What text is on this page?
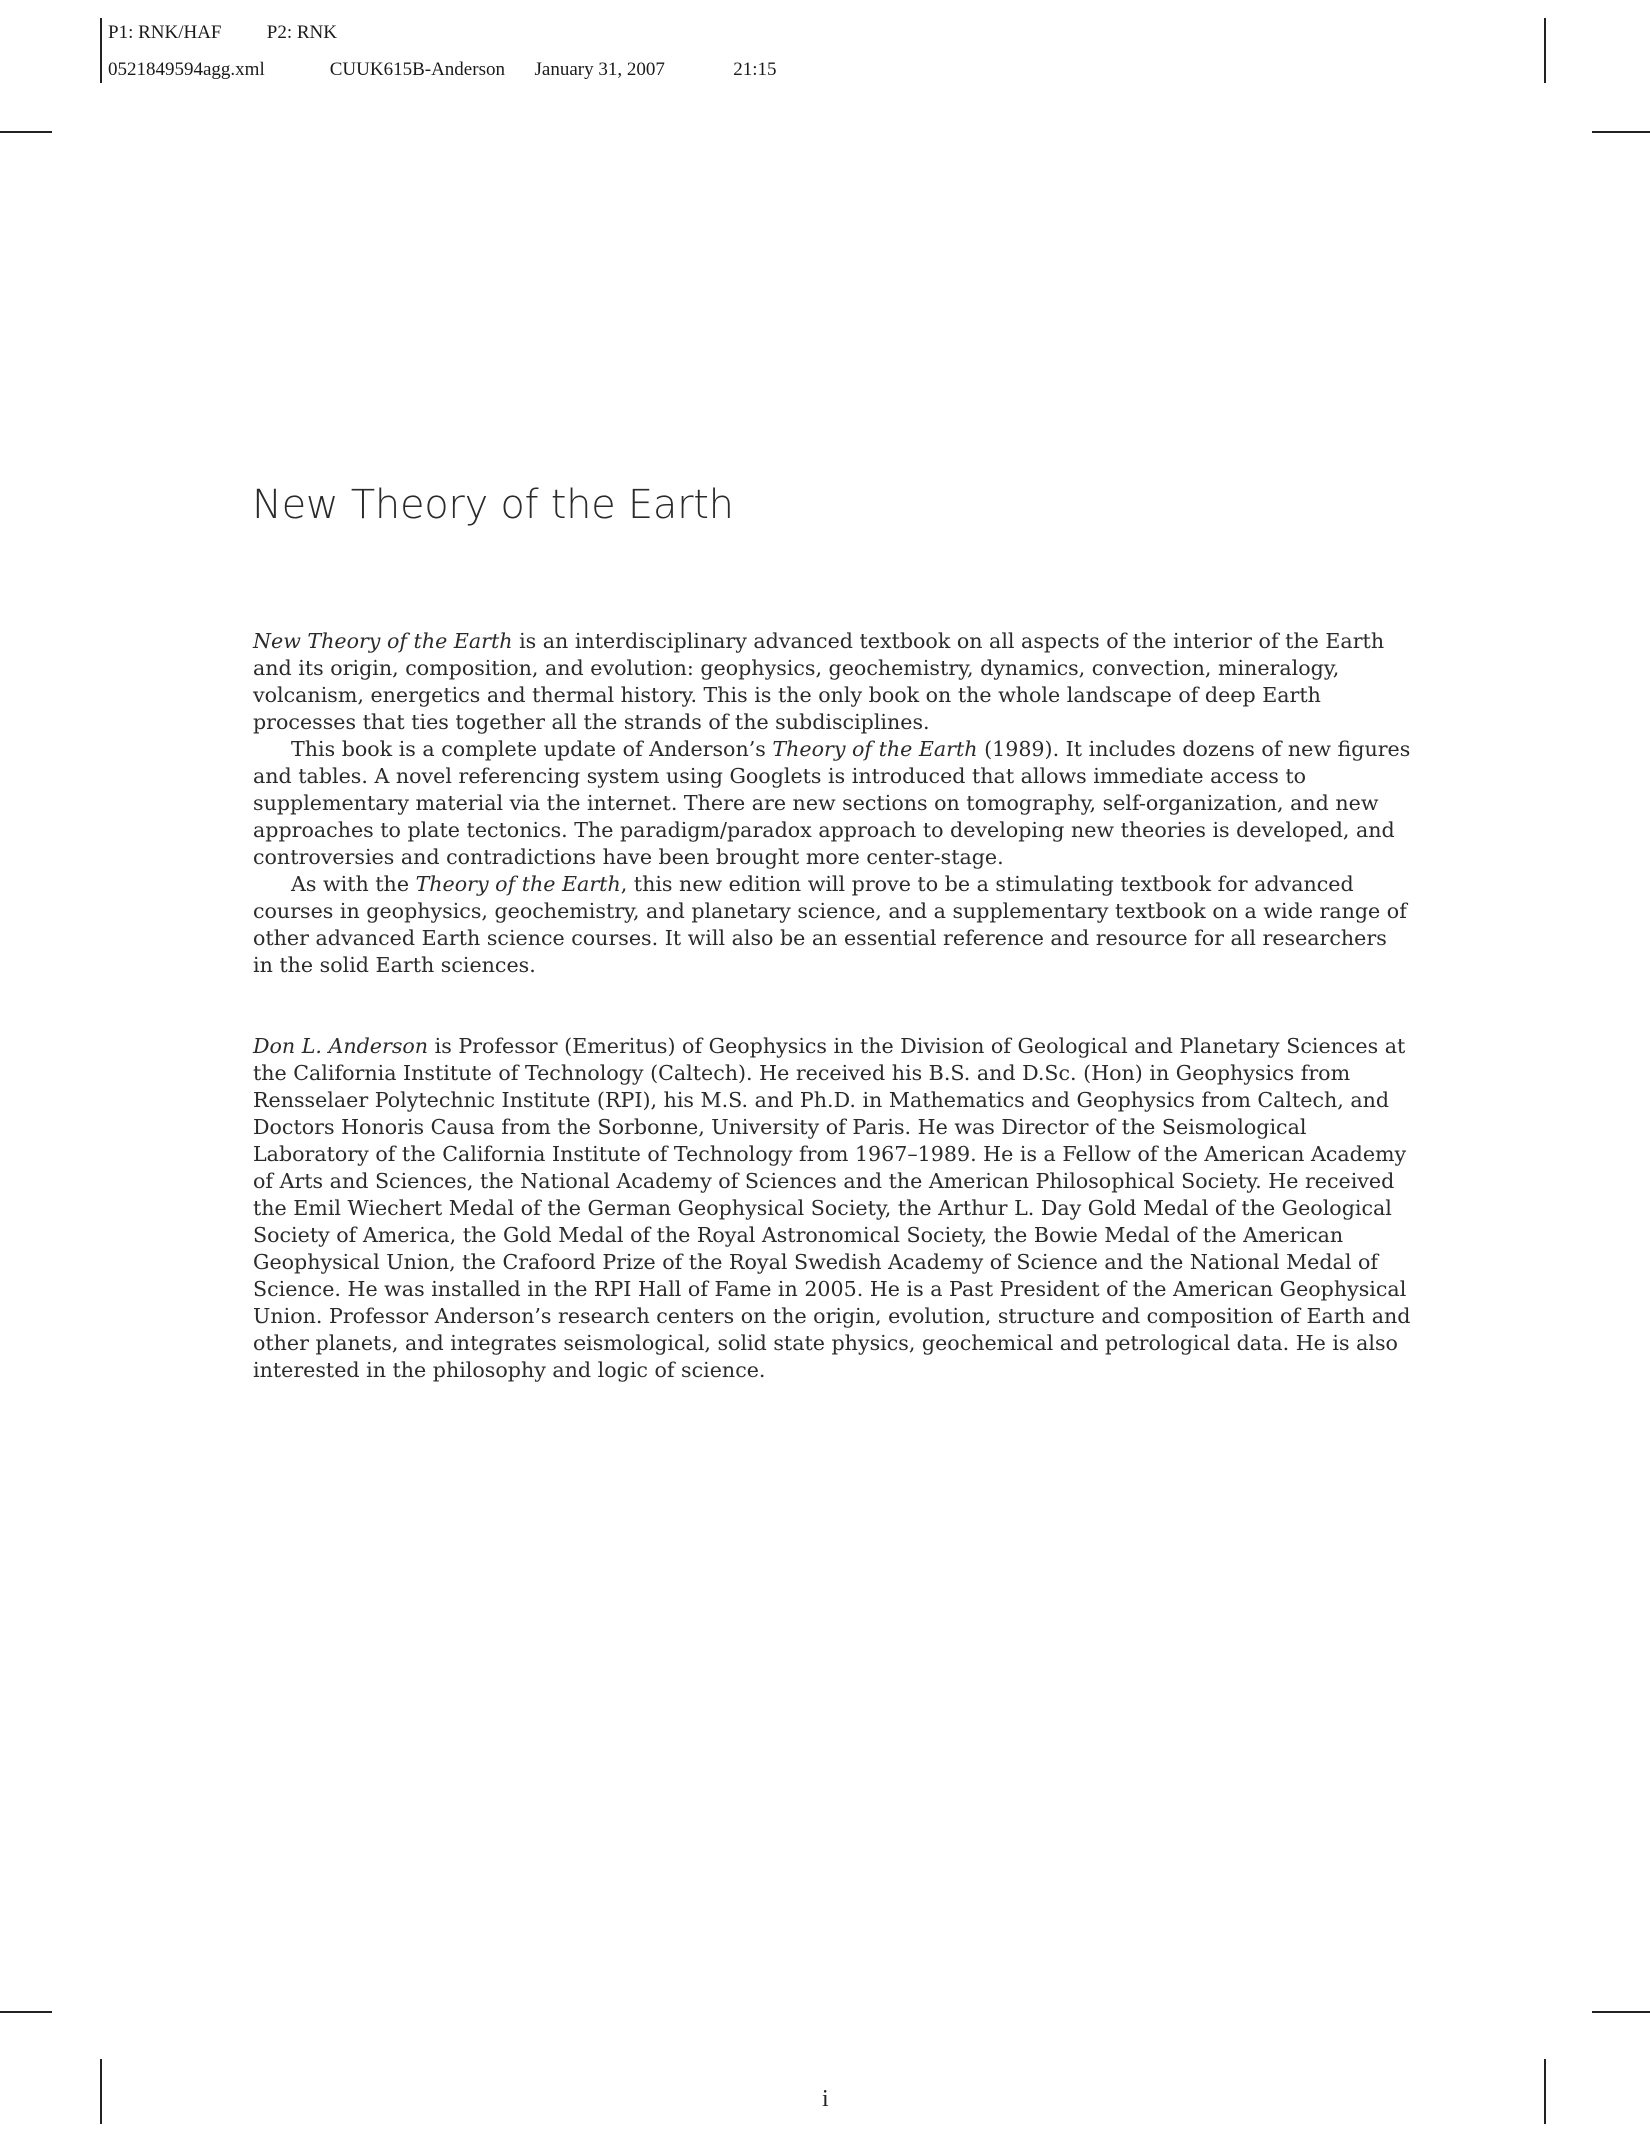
P1: RNK/HAF P2: RNK
0521849594agg.xml	CUUK615B-Anderson January 31, 2007	21:15
New Theory of the Earth

New Theory of the Earth is an interdisciplinary advanced textbook on all aspects of the interior of the Earth and its origin, composition, and evolution: geophysics, geochemistry, dynamics, convection, mineralogy, volcanism, energetics and thermal history. This is the only book on the whole landscape of deep Earth processes that ties together all the strands of the subdisciplines.

This book is a complete update of Anderson’s Theory of the Earth (1989). It includes dozens of new figures and tables. A novel referencing system using Googlets is introduced that allows immediate access to supplementary material via the internet. There are new sections on tomography, self-organization, and new approaches to plate tectonics. The paradigm/paradox approach to developing new theories is developed, and controversies and contradictions have been brought more center-stage.

As with the Theory of the Earth, this new edition will prove to be a stimulating textbook for advanced courses in geophysics, geochemistry, and planetary science, and a supplementary textbook on a wide range of other advanced Earth science courses. It will also be an essential reference and resource for all researchers in the solid Earth sciences.

Don L. Anderson is Professor (Emeritus) of Geophysics in the Division of Geological and Planetary Sciences at the California Institute of Technology (Caltech). He received his B.S. and D.Sc. (Hon) in Geophysics from Rensselaer Polytechnic Institute (RPI), his M.S. and Ph.D. in Mathematics and Geophysics from Caltech, and Doctors Honoris Causa from the Sorbonne, University of Paris. He was Director of the Seismological Laboratory of the California Institute of Technology from 1967–1989. He is a Fellow of the American Academy of Arts and Sciences, the National Academy of Sciences and the American Philosophical Society. He received the Emil Wiechert Medal of the German Geophysical Society, the Arthur L. Day Gold Medal of the Geological Society of America, the Gold Medal of the Royal Astronomical Society, the Bowie Medal of the American Geophysical Union, the Crafoord Prize of the Royal Swedish Academy of Science and the National Medal of Science. He was installed in the RPI Hall of Fame in 2005. He is a Past President of the American Geophysical Union. Professor Anderson’s research centers on the origin, evolution, structure and composition of Earth and other planets, and integrates seismological, solid state physics, geochemical and petrological data. He is also interested in the philosophy and logic of science.

i
